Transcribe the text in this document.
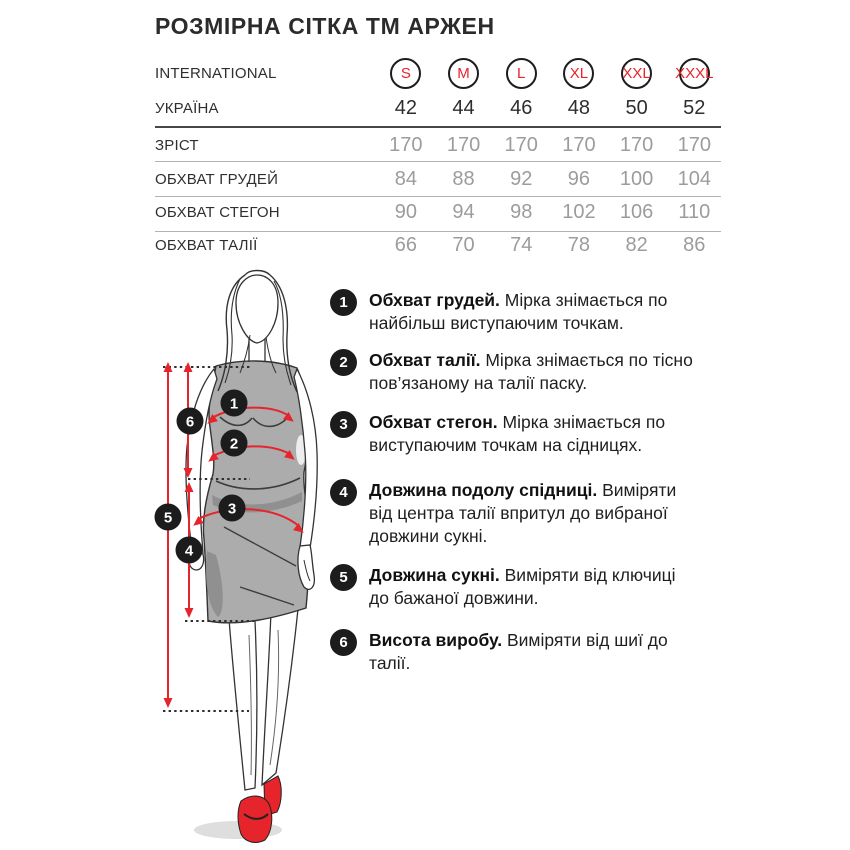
РОЗМІРНА СІТКА ТМ АРЖЕН
INTERNATIONAL	S	M	L	XL XXL XXXL
УКРАЇНА	42	44	46	48	50	52
ЗРІСТ	170	170	170	170	170	170
ОБХВАТ ГРУДЕЙ	84	88	92	96	100	104
ОБХВАТ СТЕГОН	90	94	98	102	106	110
ОБХВАТ ТАЛІЇ	66	70	74	78	82	86
1	Обхват грудей. Мірка знімається по найбільш виступаючим точкам.
2	Обхват талії. Мірка знімається по тісно пов’язаному на талії паску.
3	Обхват стегон. Мірка знімається по виступаючим точкам на сідницях.
4	Довжина подолу спідниці. Виміряти від центра талії впритул до вибраної довжини сукні.
5	Довжина сукні. Виміряти від ключиці до бажаної довжини.
6	Висота виробу. Виміряти від шиї до талії.
1
2
3
4
5
6
